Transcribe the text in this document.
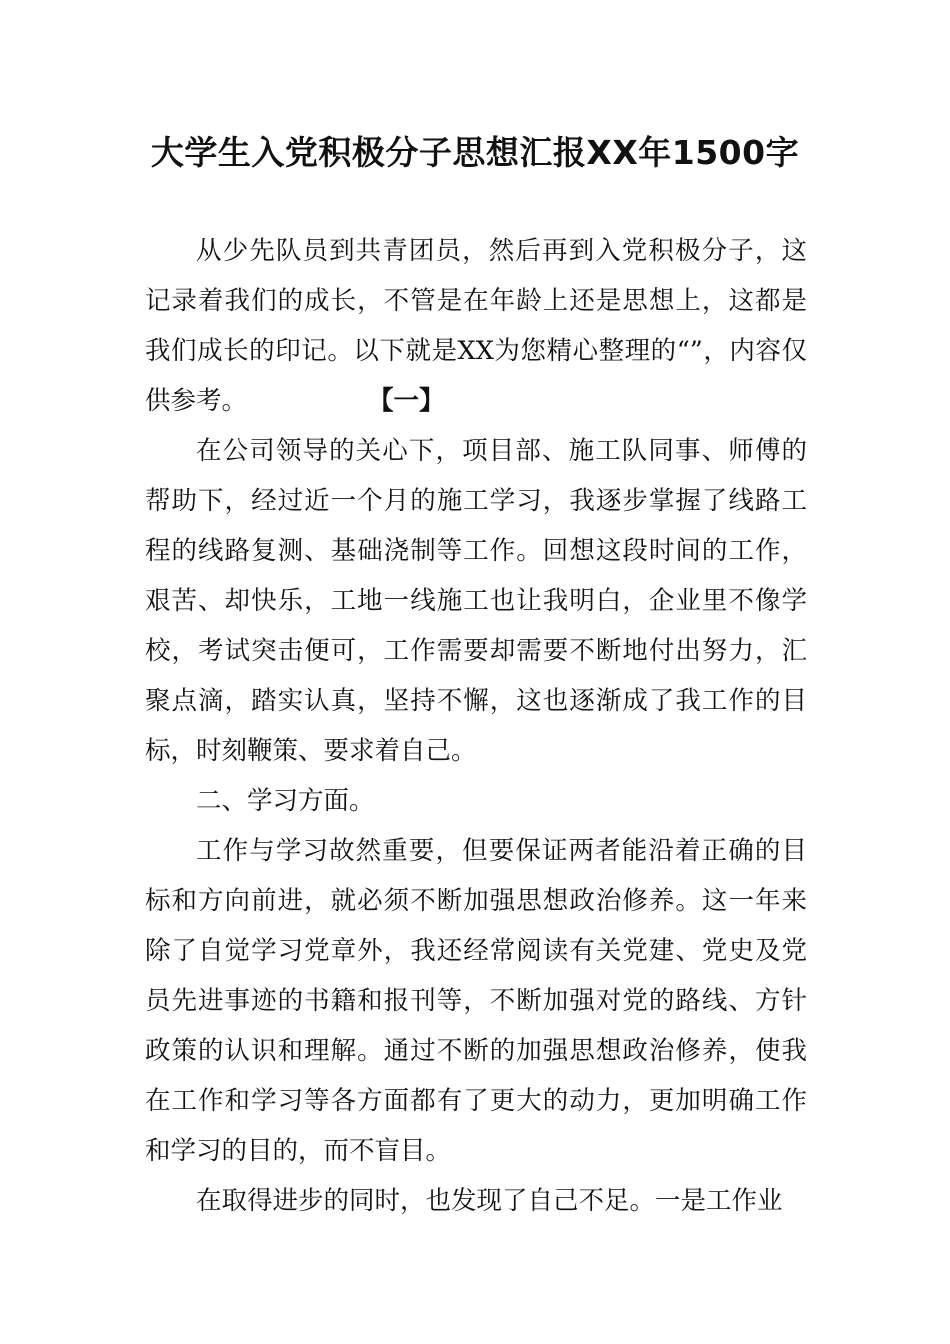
大学生入党积极分子思想汇报XX年1500字

从少先队员到共青团员，然后再到入党积极分子，这记录着我们的成长，不管是在年龄上还是思想上，这都是我们成长的印记。以下就是XX为您精心整理的“”，内容仅供参考。	【一】

在公司领导的关心下，项目部、施工队同事、师傅的帮助下，经过近一个月的施工学习，我逐步掌握了线路工程的线路复测、基础浇制等工作。回想这段时间的工作，艰苦、却快乐，工地一线施工也让我明白，企业里不像学校，考试突击便可，工作需要却需要不断地付出努力，汇聚点滴，踏实认真，坚持不懈，这也逐渐成了我工作的目标，时刻鞭策、要求着自己。

二、学习方面。

工作与学习故然重要，但要保证两者能沿着正确的目标和方向前进，就必须不断加强思想政治修养。这一年来除了自觉学习党章外，我还经常阅读有关党建、党史及党员先进事迹的书籍和报刊等，不断加强对党的路线、方针政策的认识和理解。通过不断的加强思想政治修养，使我在工作和学习等各方面都有了更大的动力，更加明确工作和学习的目的，而不盲目。

在取得进步的同时，也发现了自己不足。一是工作业
